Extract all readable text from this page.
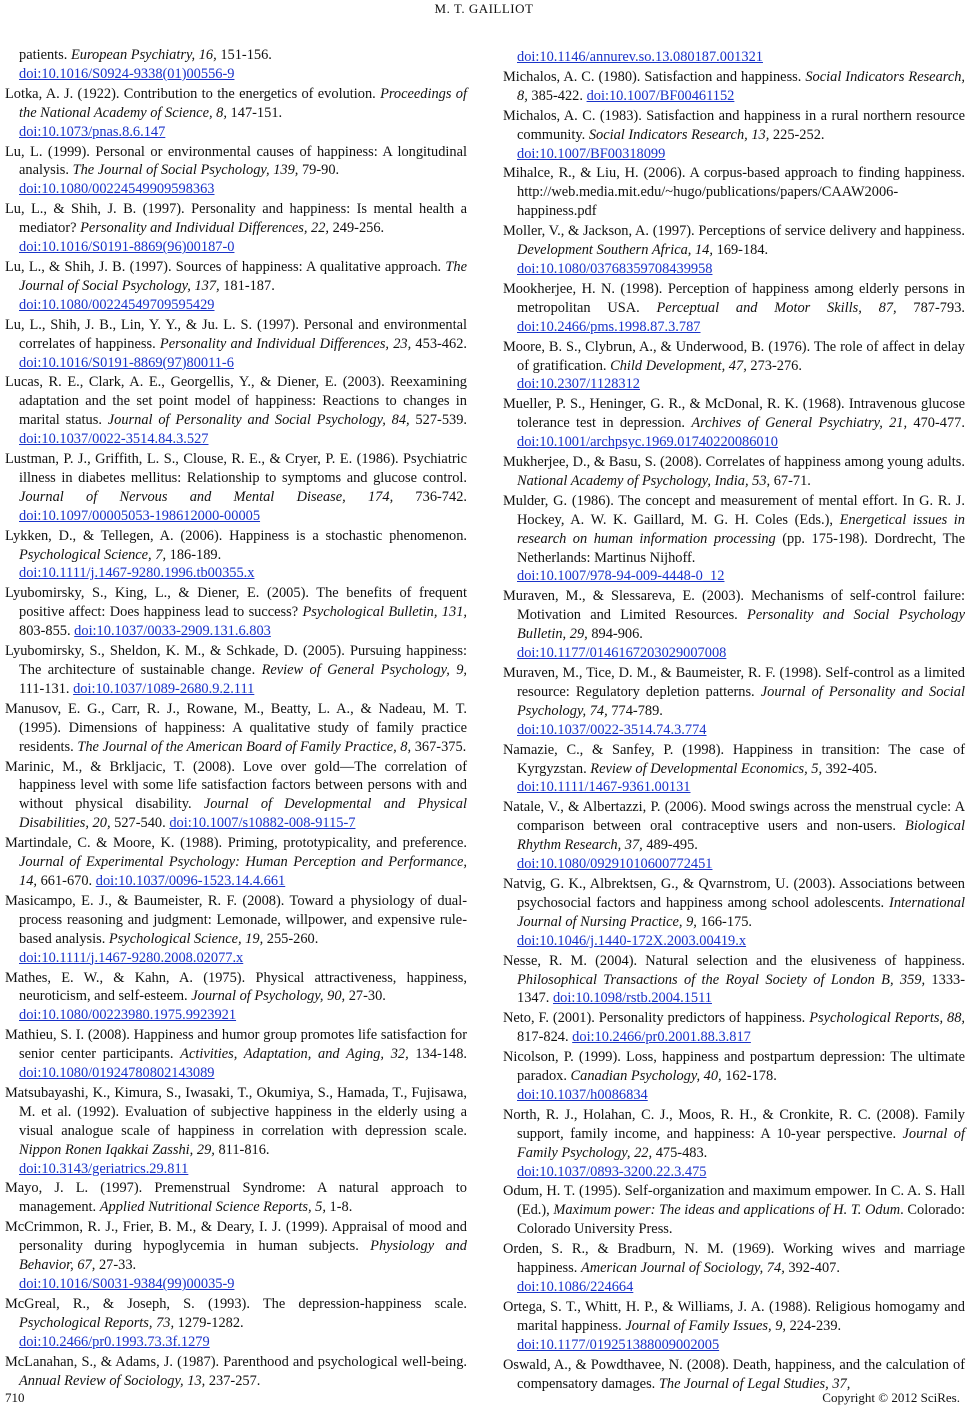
M. T. GAILLIOT

patients. European Psychiatry, 16, 151-156.
doi:10.1016/S0924-9338(01)00556-9

Lotka, A. J. (1922). Contribution to the energetics of evolution. Proceedings of the National Academy of Science, 8, 147-151.
doi:10.1073/pnas.8.6.147

Lu, L. (1999). Personal or environmental causes of happiness: A longitudinal analysis. The Journal of Social Psychology, 139, 79-90.
doi:10.1080/00224549909598363

Lu, L., & Shih, J. B. (1997). Personality and happiness: Is mental health a mediator? Personality and Individual Differences, 22, 249-256.
doi:10.1016/S0191-8869(96)00187-0

Lu, L., & Shih, J. B. (1997). Sources of happiness: A qualitative approach. The Journal of Social Psychology, 137, 181-187.
doi:10.1080/00224549709595429

Lu, L., Shih, J. B., Lin, Y. Y., & Ju. L. S. (1997). Personal and environmental correlates of happiness. Personality and Individual Differences, 23, 453-462. doi:10.1016/S0191-8869(97)80011-6

Lucas, R. E., Clark, A. E., Georgellis, Y., & Diener, E. (2003). Reexamining adaptation and the set point model of happiness: Reactions to changes in marital status. Journal of Personality and Social Psychology, 84, 527-539. doi:10.1037/0022-3514.84.3.527

Lustman, P. J., Griffith, L. S., Clouse, R. E., & Cryer, P. E. (1986). Psychiatric illness in diabetes mellitus: Relationship to symptoms and glucose control. Journal of Nervous and Mental Disease, 174, 736-742. doi:10.1097/00005053-198612000-00005

Lykken, D., & Tellegen, A. (2006). Happiness is a stochastic phenomenon. Psychological Science, 7, 186-189.
doi:10.1111/j.1467-9280.1996.tb00355.x

Lyubomirsky, S., King, L., & Diener, E. (2005). The benefits of frequent positive affect: Does happiness lead to success? Psychological Bulletin, 131, 803-855. doi:10.1037/0033-2909.131.6.803

Lyubomirsky, S., Sheldon, K. M., & Schkade, D. (2005). Pursuing happiness: The architecture of sustainable change. Review of General Psychology, 9, 111-131. doi:10.1037/1089-2680.9.2.111

Manusov, E. G., Carr, R. J., Rowane, M., Beatty, L. A., & Nadeau, M. T. (1995). Dimensions of happiness: A qualitative study of family practice residents. The Journal of the American Board of Family Practice, 8, 367-375.

Marinic, M., & Brkljacic, T. (2008). Love over gold—The correlation of happiness level with some life satisfaction factors between persons with and without physical disability. Journal of Developmental and Physical Disabilities, 20, 527-540. doi:10.1007/s10882-008-9115-7

Martindale, C. & Moore, K. (1988). Priming, prototypicality, and preference. Journal of Experimental Psychology: Human Perception and Performance, 14, 661-670. doi:10.1037/0096-1523.14.4.661

Masicampo, E. J., & Baumeister, R. F. (2008). Toward a physiology of dual-process reasoning and judgment: Lemonade, willpower, and expensive rule-based analysis. Psychological Science, 19, 255-260.
doi:10.1111/j.1467-9280.2008.02077.x

Mathes, E. W., & Kahn, A. (1975). Physical attractiveness, happiness, neuroticism, and self-esteem. Journal of Psychology, 90, 27-30.
doi:10.1080/00223980.1975.9923921

Mathieu, S. I. (2008). Happiness and humor group promotes life satisfaction for senior center participants. Activities, Adaptation, and Aging, 32, 134-148. doi:10.1080/01924780802143089

Matsubayashi, K., Kimura, S., Iwasaki, T., Okumiya, S., Hamada, T., Fujisawa, M. et al. (1992). Evaluation of subjective happiness in the elderly using a visual analogue scale of happiness in correlation with depression scale. Nippon Ronen Iqakkai Zasshi, 29, 811-816.
doi:10.3143/geriatrics.29.811

Mayo, J. L. (1997). Premenstrual Syndrome: A natural approach to management. Applied Nutritional Science Reports, 5, 1-8.

McCrimmon, R. J., Frier, B. M., & Deary, I. J. (1999). Appraisal of mood and personality during hypoglycemia in human subjects. Physiology and Behavior, 67, 27-33.
doi:10.1016/S0031-9384(99)00035-9

McGreal, R., & Joseph, S. (1993). The depression-happiness scale. Psychological Reports, 73, 1279-1282.
doi:10.2466/pr0.1993.73.3f.1279

McLanahan, S., & Adams, J. (1987). Parenthood and psychological well-being. Annual Review of Sociology, 13, 237-257.

doi:10.1146/annurev.so.13.080187.001321

Michalos, A. C. (1980). Satisfaction and happiness. Social Indicators Research, 8, 385-422. doi:10.1007/BF00461152

Michalos, A. C. (1983). Satisfaction and happiness in a rural northern resource community. Social Indicators Research, 13, 225-252.
doi:10.1007/BF00318099

Mihalce, R., & Liu, H. (2006). A corpus-based approach to finding happiness. http://web.media.mit.edu/~hugo/publications/papers/CAAW2006-happiness.pdf

Moller, V., & Jackson, A. (1997). Perceptions of service delivery and happiness. Development Southern Africa, 14, 169-184.
doi:10.1080/03768359708439958

Mookherjee, H. N. (1998). Perception of happiness among elderly persons in metropolitan USA. Perceptual and Motor Skills, 87, 787-793. doi:10.2466/pms.1998.87.3.787

Moore, B. S., Clybrun, A., & Underwood, B. (1976). The role of affect in delay of gratification. Child Development, 47, 273-276.
doi:10.2307/1128312

Mueller, P. S., Heninger, G. R., & McDonal, R. K. (1968). Intravenous glucose tolerance test in depression. Archives of General Psychiatry, 21, 470-477. doi:10.1001/archpsyc.1969.01740220086010

Mukherjee, D., & Basu, S. (2008). Correlates of happiness among young adults. National Academy of Psychology, India, 53, 67-71.

Mulder, G. (1986). The concept and measurement of mental effort. In G. R. J. Hockey, A. W. K. Gaillard, M. G. H. Coles (Eds.), Energetical issues in research on human information processing (pp. 175-198). Dordrecht, The Netherlands: Martinus Nijhoff.
doi:10.1007/978-94-009-4448-0_12

Muraven, M., & Slessareva, E. (2003). Mechanisms of self-control failure: Motivation and Limited Resources. Personality and Social Psychology Bulletin, 29, 894-906.
doi:10.1177/0146167203029007008

Muraven, M., Tice, D. M., & Baumeister, R. F. (1998). Self-control as a limited resource: Regulatory depletion patterns. Journal of Personality and Social Psychology, 74, 774-789.
doi:10.1037/0022-3514.74.3.774

Namazie, C., & Sanfey, P. (1998). Happiness in transition: The case of Kyrgyzstan. Review of Developmental Economics, 5, 392-405.
doi:10.1111/1467-9361.00131

Natale, V., & Albertazzi, P. (2006). Mood swings across the menstrual cycle: A comparison between oral contraceptive users and non-users. Biological Rhythm Research, 37, 489-495.
doi:10.1080/09291010600772451

Natvig, G. K., Albrektsen, G., & Qvarnstrom, U. (2003). Associations between psychosocial factors and happiness among school adolescents. International Journal of Nursing Practice, 9, 166-175.
doi:10.1046/j.1440-172X.2003.00419.x

Nesse, R. M. (2004). Natural selection and the elusiveness of happiness. Philosophical Transactions of the Royal Society of London B, 359, 1333-1347. doi:10.1098/rstb.2004.1511

Neto, F. (2001). Personality predictors of happiness. Psychological Reports, 88, 817-824. doi:10.2466/pr0.2001.88.3.817

Nicolson, P. (1999). Loss, happiness and postpartum depression: The ultimate paradox. Canadian Psychology, 40, 162-178.
doi:10.1037/h0086834

North, R. J., Holahan, C. J., Moos, R. H., & Cronkite, R. C. (2008). Family support, family income, and happiness: A 10-year perspective. Journal of Family Psychology, 22, 475-483.
doi:10.1037/0893-3200.22.3.475

Odum, H. T. (1995). Self-organization and maximum empower. In C. A. S. Hall (Ed.), Maximum power: The ideas and applications of H. T. Odum. Colorado: Colorado University Press.

Orden, S. R., & Bradburn, N. M. (1969). Working wives and marriage happiness. American Journal of Sociology, 74, 392-407.
doi:10.1086/224664

Ortega, S. T., Whitt, H. P., & Williams, J. A. (1988). Religious homogamy and marital happiness. Journal of Family Issues, 9, 224-239.
doi:10.1177/019251388009002005

Oswald, A., & Powdthavee, N. (2008). Death, happiness, and the calculation of compensatory damages. The Journal of Legal Studies, 37,

710	Copyright © 2012 SciRes.
